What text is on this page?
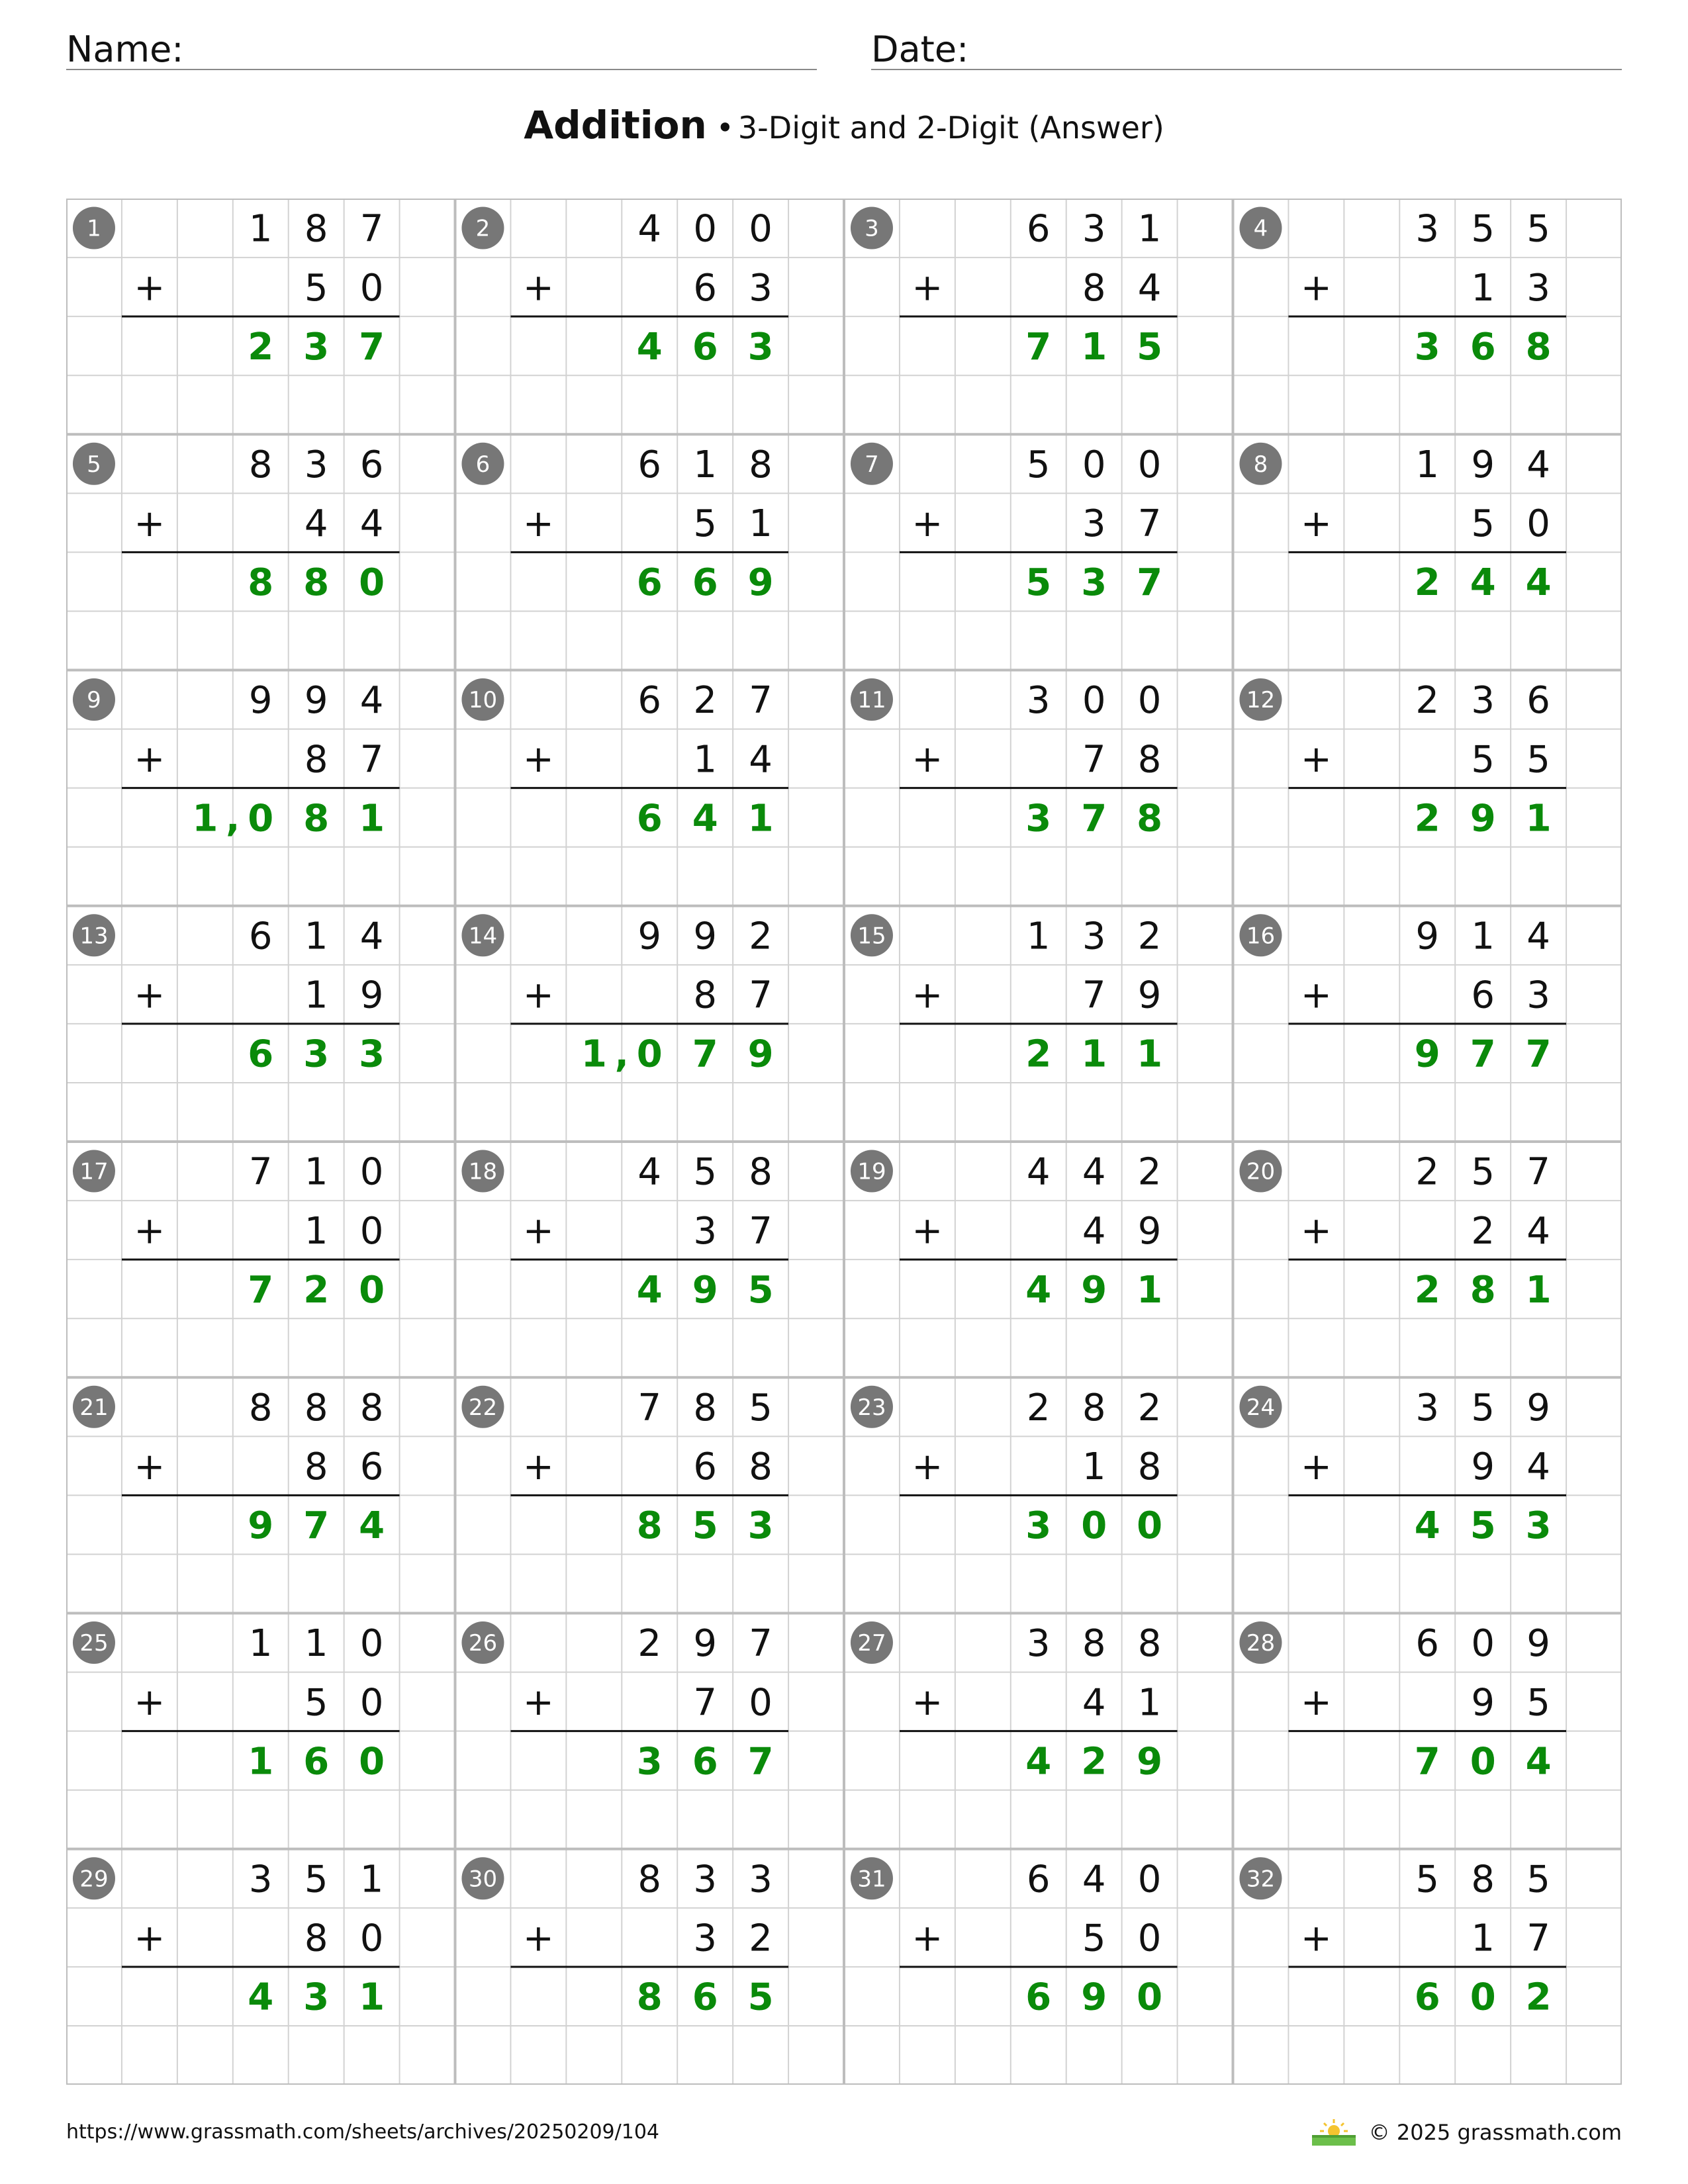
Name:	Date:
Addition • 3-Digit and 2-Digit (Answer)
1	1 8 7
+	5 0
2 3 7
2	4 0 0
+	6 3
4 6 3
3	6 3 1
+	8 4
7 1 5
4	3 5 5
+	1 3
3 6 8
5	8 3 6
+	4 4
8 8 0
6	6 1 8
+	5 1
6 6 9
7	5 0 0
+	3 7
5 3 7
8	1 9 4
+	5 0
2 4 4
9	9 9 4
+	8 7
1 0 8 1
,
10	6 2 7
+	1 4
6 4 1
11	3 0 0
+	7 8
3 7 8
12	2 3 6
+	5 5
2 9 1
13	6 1 4
+	1 9
6 3 3
14	9 9 2
+	8 7
1 0 7 9
,
15	1 3 2
+	7 9
2 1 1
16	9 1 4
+	6 3
9 7 7
17	7 1 0
+	1 0
7 2 0
18	4 5 8
+	3 7
4 9 5
19	4 4 2
+	4 9
4 9 1
20	2 5 7
+	2 4
2 8 1
21	8 8 8
+	8 6
9 7 4
22	7 8 5
+	6 8
8 5 3
23	2 8 2
+	1 8
3 0 0
24	3 5 9
+	9 4
4 5 3
25	1 1 0
+	5 0
1 6 0
26	2 9 7
+	7 0
3 6 7
27	3 8 8
+	4 1
4 2 9
28	6 0 9
+	9 5
7 0 4
29	3 5 1
+	8 0
4 3 1
30	8 3 3
+	3 2
8 6 5
31	6 4 0
+	5 0
6 9 0
32	5 8 5
+	1 7
6 0 2
https://www.grassmath.com/sheets/archives/20250209/104	© 2025 grassmath.com
